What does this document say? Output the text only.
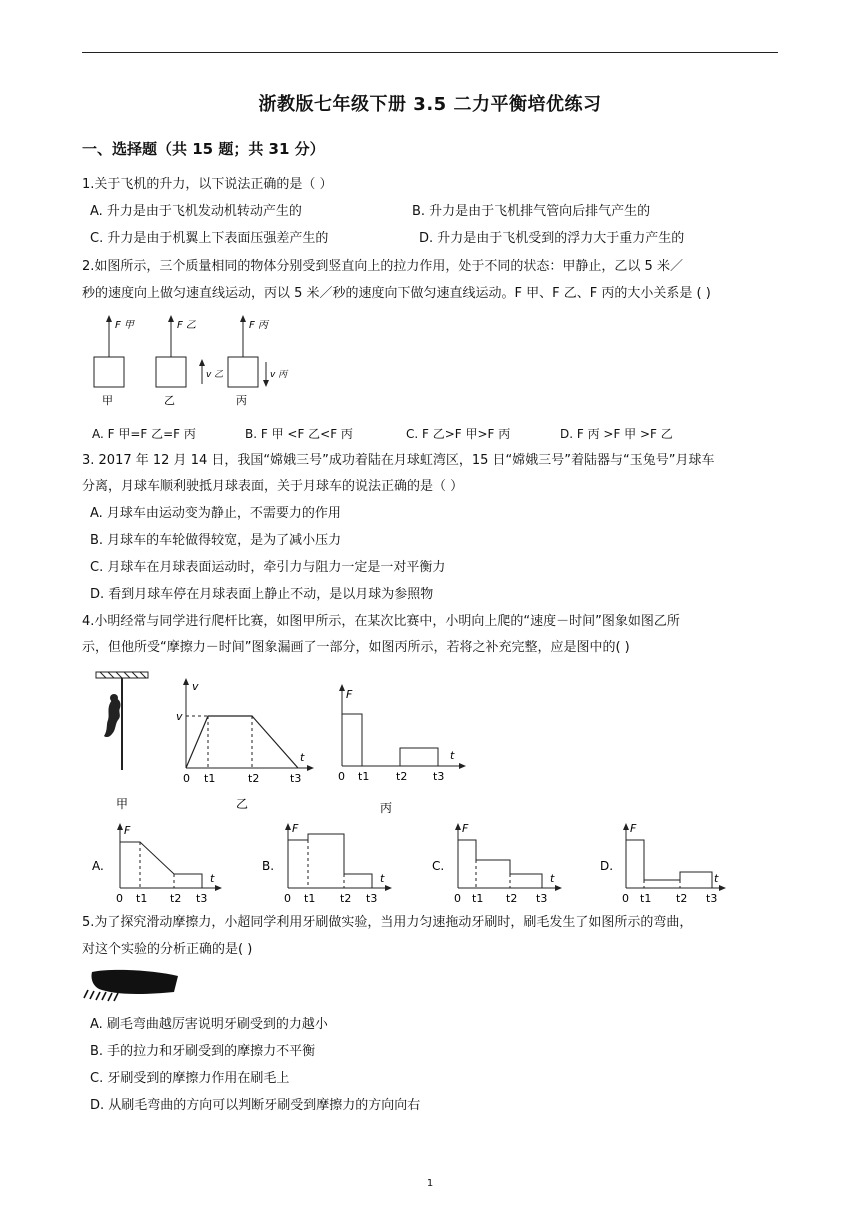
浙教版七年级下册 3.5 二力平衡培优练习
一、选择题（共 15 题；共 31 分）
1.关于飞机的升力，以下说法正确的是（ ）
A. 升力是由于飞机发动机转动产生的	B. 升力是由于飞机排气管向后排气产生的
C. 升力是由于机翼上下表面压强差产生的	D. 升力是由于飞机受到的浮力大于重力产生的
2.如图所示，三个质量相同的物体分别受到竖直向上的拉力作用，处于不同的状态：甲静止，乙以 5 米／
秒的速度向上做匀速直线运动，丙以 5 米／秒的速度向下做匀速直线运动。F 甲、F 乙、F 丙的大小关系是 ( )
F 甲	F 乙	F 丙
v 乙	v 丙
甲	乙	丙
A. F 甲=F 乙=F 丙	B. F 甲 <F 乙<F 丙	C. F 乙>F 甲>F 丙	D. F 丙 >F 甲 >F 乙
3. 2017 年 12 月 14 日，我国“嫦娥三号”成功着陆在月球虹湾区，15 日“嫦娥三号”着陆器与“玉兔号”月球车
分离，月球车顺利驶抵月球表面，关于月球车的说法正确的是（ ）
A. 月球车由运动变为静止，不需要力的作用
B. 月球车的车轮做得较宽，是为了减小压力
C. 月球车在月球表面运动时，牵引力与阻力一定是一对平衡力
D. 看到月球车停在月球表面上静止不动，是以月球为参照物
4.小明经常与同学进行爬杆比赛，如图甲所示，在某次比赛中，小明向上爬的“速度－时间”图象如图乙所
示，但他所受“摩擦力－时间”图象漏画了一部分，如图丙所示，若将之补充完整，应是图中的( )
甲
v
v
t
0 t1	t2	t3
乙
F
t
0 t1 t2 t3
丙
A.
F
t
0 t1 t2 t3
B.
F
t
0 t1 t2 t3
C.
F
t
0 t1 t2 t3
D.
F
t
0 t1 t2 t3
5.为了探究滑动摩擦力，小超同学利用牙刷做实验，当用力匀速拖动牙刷时，刷毛发生了如图所示的弯曲，
对这个实验的分析正确的是( )
A. 刷毛弯曲越厉害说明牙刷受到的力越小
B. 手的拉力和牙刷受到的摩擦力不平衡
C. 牙刷受到的摩擦力作用在刷毛上
D. 从刷毛弯曲的方向可以判断牙刷受到摩擦力的方向向右
1
